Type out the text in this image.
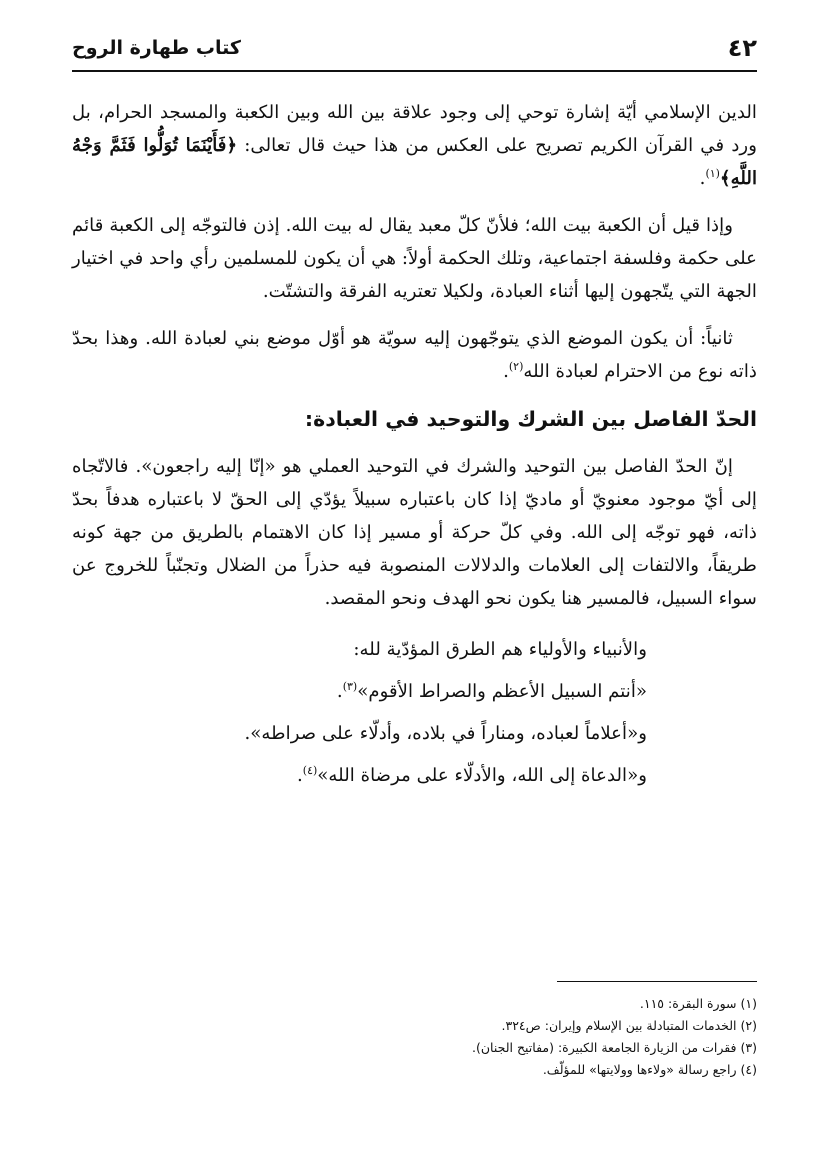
٤٢
كتاب طهارة الروح

الدين الإسلامي أيّة إشارة توحي إلى وجود علاقة بين الله وبين الكعبة والمسجد الحرام، بل ورد في القرآن الكريم تصريح على العكس من هذا حيث قال تعالى: ﴿فَأَيْنَمَا تُوَلُّوا فَثَمَّ وَجْهُ اللَّهِ﴾$^{(١)}$.

وإذا قيل أن الكعبة بيت الله؛ فلأنّ كلّ معبد يقال له بيت الله. إذن فالتوجّه إلى الكعبة قائم على حكمة وفلسفة اجتماعية، وتلك الحكمة أولاً: هي أن يكون للمسلمين رأي واحد في اختيار الجهة التي يتّجهون إليها أثناء العبادة، ولكيلا تعتريه الفرقة والتشتّت.

ثانياً: أن يكون الموضع الذي يتوجّهون إليه سويّة هو أوّل موضع بني لعبادة الله. وهذا بحدّ ذاته نوع من الاحترام لعبادة الله$^{(٢)}$.

الحدّ الفاصل بين الشرك والتوحيد في العبادة:

إنّ الحدّ الفاصل بين التوحيد والشرك في التوحيد العملي هو «إنّا إليه راجعون». فالاتّجاه إلى أيّ موجود معنويّ أو ماديّ إذا كان باعتباره سبيلاً يؤدّي إلى الحقّ لا باعتباره هدفاً بحدّ ذاته، فهو توجّه إلى الله. وفي كلّ حركة أو مسير إذا كان الاهتمام بالطريق من جهة كونه طريقاً، والالتفات إلى العلامات والدلالات المنصوبة فيه حذراً من الضلال وتجنّباً للخروج عن سواء السبيل، فالمسير هنا يكون نحو الهدف ونحو المقصد.

والأنبياء والأولياء هم الطرق المؤدّية لله:
«أنتم السبيل الأعظم والصراط الأقوم»$^{(٣)}$.
و«أعلاماً لعباده، ومناراً في بلاده، وأدلّاء على صراطه».
و«الدعاة إلى الله، والأدلّاء على مرضاة الله»$^{(٤)}$.
(١) سورة البقرة: ١١٥.
(٢) الخدمات المتبادلة بين الإسلام وإيران: ص٣٢٤.
(٣) فقرات من الزيارة الجامعة الكبيرة: (مفاتيح الجنان).
(٤) راجع رسالة «ولاءها وولايتها» للمؤلّف.
